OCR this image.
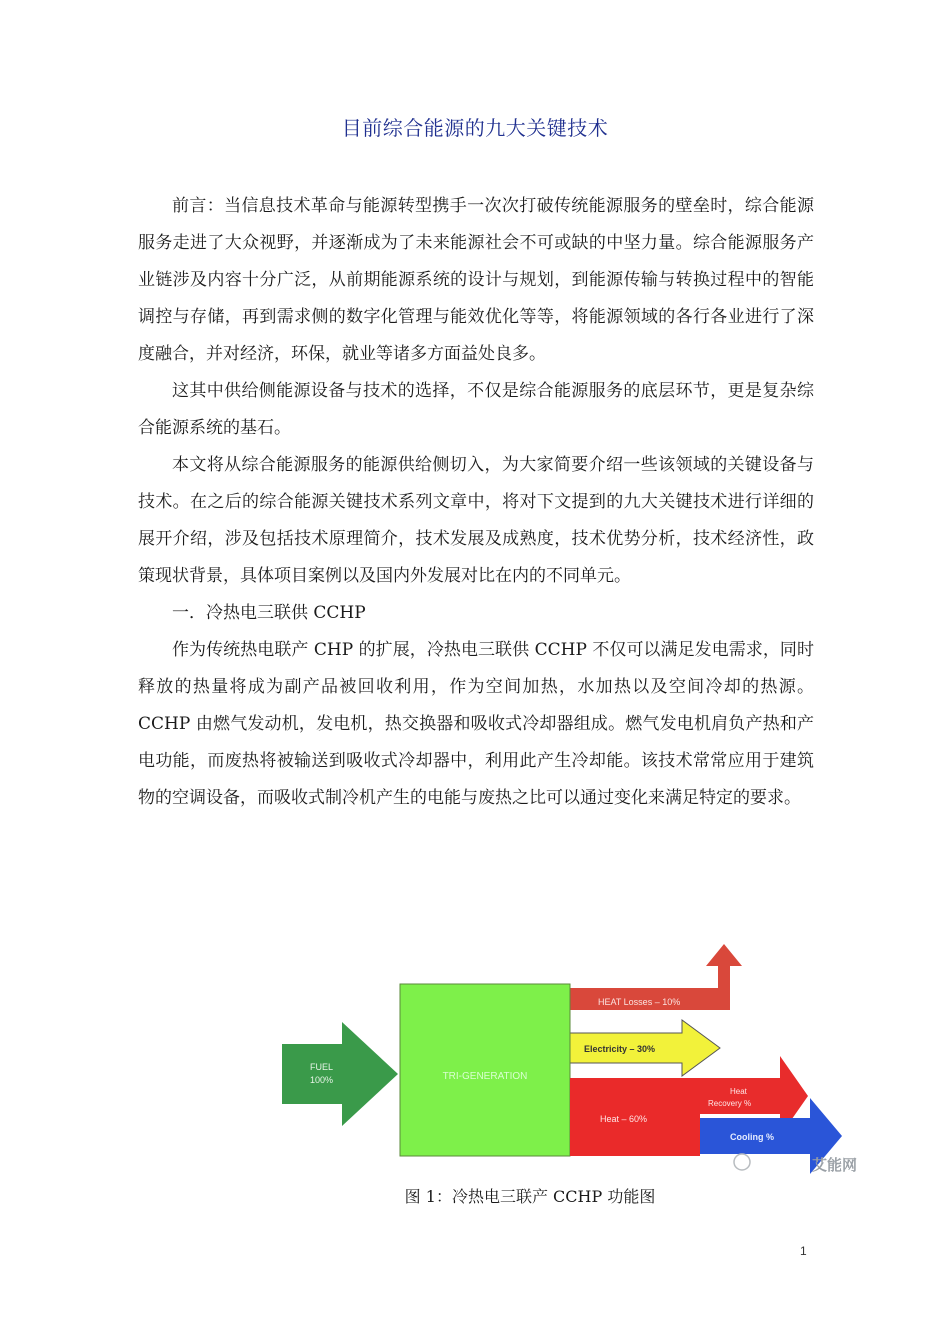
目前综合能源的九大关键技术

前言：当信息技术革命与能源转型携手一次次打破传统能源服务的壁垒时，综合能源服务走进了大众视野，并逐渐成为了未来能源社会不可或缺的中坚力量。综合能源服务产业链涉及内容十分广泛，从前期能源系统的设计与规划，到能源传输与转换过程中的智能调控与存储，再到需求侧的数字化管理与能效优化等等，将能源领域的各行各业进行了深度融合，并对经济，环保，就业等诸多方面益处良多。

这其中供给侧能源设备与技术的选择，不仅是综合能源服务的底层环节，更是复杂综合能源系统的基石。

本文将从综合能源服务的能源供给侧切入，为大家简要介绍一些该领域的关键设备与技术。在之后的综合能源关键技术系列文章中，将对下文提到的九大关键技术进行详细的展开介绍，涉及包括技术原理简介，技术发展及成熟度，技术优势分析，技术经济性，政策现状背景，具体项目案例以及国内外发展对比在内的不同单元。

一．冷热电三联供 CCHP

作为传统热电联产 CHP 的扩展，冷热电三联供 CCHP 不仅可以满足发电需求，同时释放的热量将成为副产品被回收利用，作为空间加热，水加热以及空间冷却的热源。CCHP 由燃气发动机，发电机，热交换器和吸收式冷却器组成。燃气发电机肩负产热和产电功能，而废热将被输送到吸收式冷却器中，利用此产生冷却能。该技术常常应用于建筑物的空调设备，而吸收式制冷机产生的电能与废热之比可以通过变化来满足特定的要求。

HEAT Losses – 10%
Electricity – 30%
FUEL
100%	TRI-GENERATION
Heat – 60%
Heat
Recovery %
Cooling %
艾能网
图 1：冷热电三联产 CCHP 功能图
1
